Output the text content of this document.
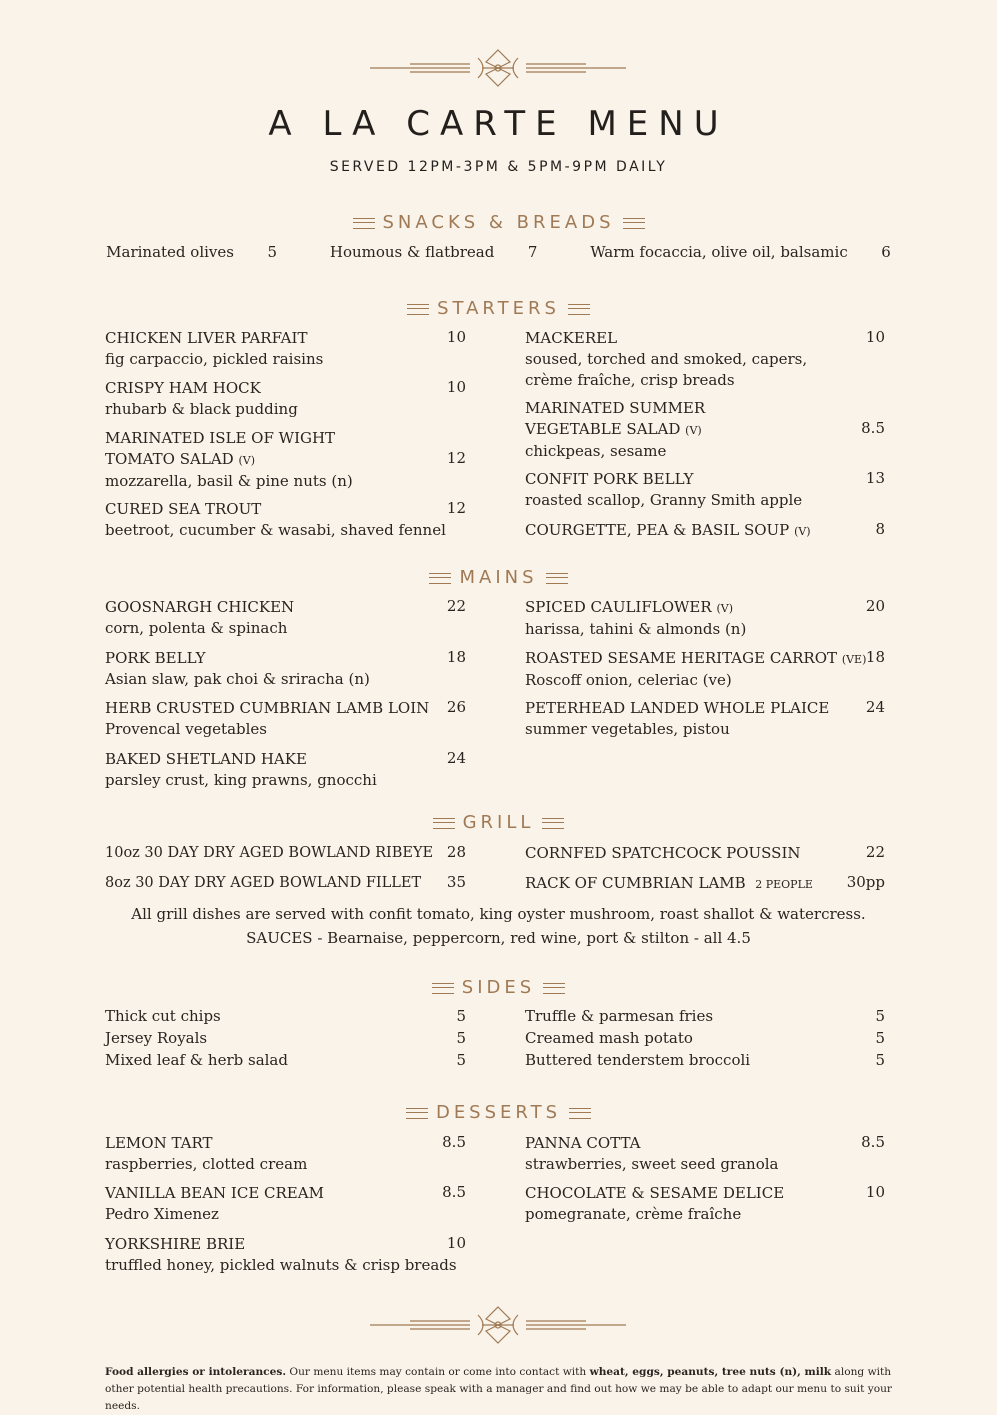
A LA CARTE MENU
SERVED 12PM-3PM & 5PM-9PM DAILY
SNACKS & BREADS
Marinated olives 5	Houmous & flatbread 7	Warm focaccia, olive oil, balsamic 6
STARTERS
CHICKEN LIVER PARFAIT
fig carpaccio, pickled raisins
10
CRISPY HAM HOCK
rhubarb & black pudding
10
MARINATED ISLE OF WIGHT
TOMATO SALAD (V)
mozzarella, basil & pine nuts (n)
12
CURED SEA TROUT
beetroot, cucumber & wasabi, shaved fennel
12
MACKEREL
soused, torched and smoked, capers,
crème fraîche, crisp breads
10
MARINATED SUMMER
VEGETABLE SALAD (V)
chickpeas, sesame
8.5
CONFIT PORK BELLY
roasted scallop, Granny Smith apple
13
COURGETTE, PEA & BASIL SOUP (V)	8
MAINS
GOOSNARGH CHICKEN
corn, polenta & spinach
22
PORK BELLY
Asian slaw, pak choi & sriracha (n)
18
HERB CRUSTED CUMBRIAN LAMB LOIN
Provencal vegetables
26
BAKED SHETLAND HAKE
parsley crust, king prawns, gnocchi
24
SPICED CAULIFLOWER (V)
harissa, tahini & almonds (n)
20
ROASTED SESAME HERITAGE CARROT (VE)
Roscoff onion, celeriac (ve)
18
PETERHEAD LANDED WHOLE PLAICE
summer vegetables, pistou
24
GRILL
10oz 30 DAY DRY AGED BOWLAND RIBEYE 28
8oz 30 DAY DRY AGED BOWLAND FILLET	35
CORNFED SPATCHCOCK POUSSIN	22
RACK OF CUMBRIAN LAMB 2 PEOPLE	30pp
All grill dishes are served with confit tomato, king oyster mushroom, roast shallot & watercress.
SAUCES - Bearnaise, peppercorn, red wine, port & stilton - all 4.5
SIDES
Thick cut chips	5
Jersey Royals	5
Mixed leaf & herb salad	5
Truffle & parmesan fries	5
Creamed mash potato	5
Buttered tenderstem broccoli	5
DESSERTS
LEMON TART
raspberries, clotted cream
8.5
VANILLA BEAN ICE CREAM
Pedro Ximenez
8.5
YORKSHIRE BRIE
truffled honey, pickled walnuts & crisp breads
10
PANNA COTTA
strawberries, sweet seed granola
8.5
CHOCOLATE & SESAME DELICE
pomegranate, crème fraîche
10
Food allergies or intolerances. Our menu items may contain or come into contact with wheat, eggs, peanuts, tree nuts (n), milk along with other potential health precautions. For information, please speak with a manager and find out how we may be able to adapt our menu to suit your needs.
